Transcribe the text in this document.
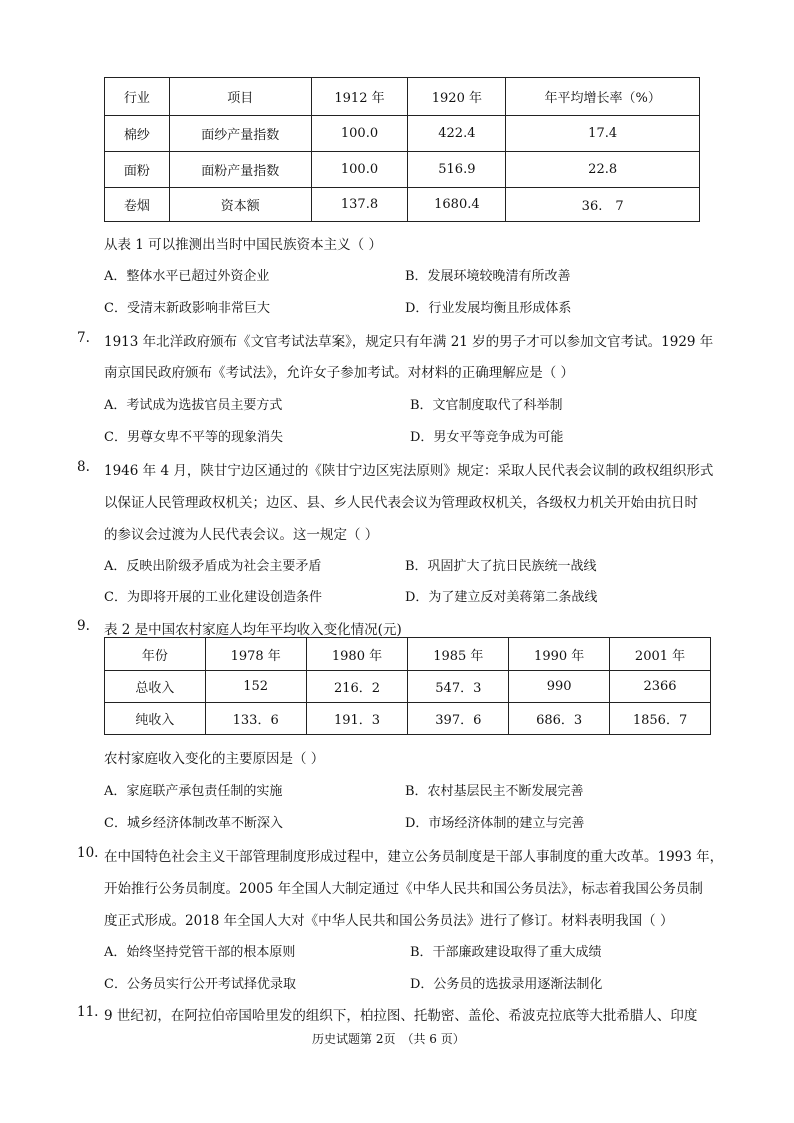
行业	项目	1912 年	1920 年	年平均增长率（%）
棉纱	面纱产量指数	100.0	422.4	17.4
面粉	面粉产量指数	100.0	516.9	22.8
卷烟	资本额	137.8	1680.4	36.　7
从表 1 可以推测出当时中国民族资本主义（ ）
A．整体水平已超过外资企业	B．发展环境较晚清有所改善
C．受清末新政影响非常巨大	D．行业发展均衡且形成体系
7. 1913 年北洋政府颁布《文官考试法草案》，规定只有年满 21 岁的男子才可以参加文官考试。1929 年
南京国民政府颁布《考试法》，允许女子参加考试。对材料的正确理解应是（ ）
A．考试成为选拔官员主要方式	B．文官制度取代了科举制
C．男尊女卑不平等的现象消失	D．男女平等竞争成为可能
8. 1946 年 4 月，陕甘宁边区通过的《陕甘宁边区宪法原则》规定：采取人民代表会议制的政权组织形式
以保证人民管理政权机关；边区、县、乡人民代表会议为管理政权机关，各级权力机关开始由抗日时
的参议会过渡为人民代表会议。这一规定（ ）
A．反映出阶级矛盾成为社会主要矛盾	B．巩固扩大了抗日民族统一战线
C．为即将开展的工业化建设创造条件	D．为了建立反对美蒋第二条战线
9. 表 2 是中国农村家庭人均年平均收入变化情况(元)
年份	1978 年	1980 年	1985 年	1990 年	2001 年
总收入	152	216．2	547．3	990	2366
纯收入	133．6	191．3	397．6	686．3	1856．7
农村家庭收入变化的主要原因是（ ）
A．家庭联产承包责任制的实施	B．农村基层民主不断发展完善
C．城乡经济体制改革不断深入	D．市场经济体制的建立与完善
10. 在中国特色社会主义干部管理制度形成过程中，建立公务员制度是干部人事制度的重大改革。1993 年，
开始推行公务员制度。2005 年全国人大制定通过《中华人民共和国公务员法》，标志着我国公务员制
度正式形成。2018 年全国人大对《中华人民共和国公务员法》进行了修订。材料表明我国（ ）
A．始终坚持党管干部的根本原则	B．干部廉政建设取得了重大成绩
C．公务员实行公开考试择优录取	D．公务员的选拔录用逐渐法制化
11. 9 世纪初，在阿拉伯帝国哈里发的组织下，柏拉图、托勒密、盖伦、希波克拉底等大批希腊人、印度
历史试题第 2页　（共 6 页）
